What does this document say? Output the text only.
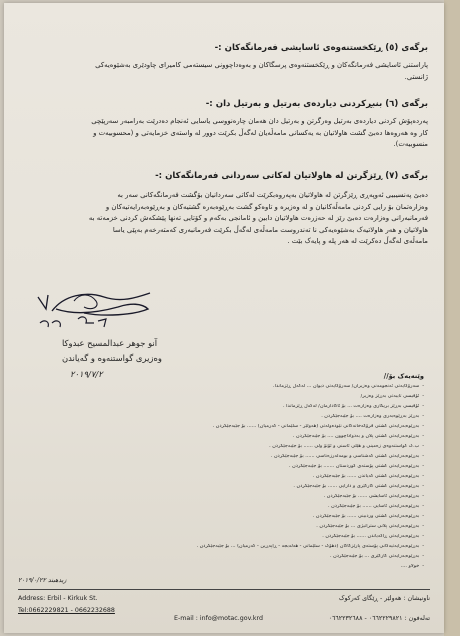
برگەی (٥) ڕێکخستنەوەی ئاسایشی فەرمانگەکان :-
پاراستنی ئاسایشی فەرمانگەکان و ڕێکخستنەوەی پرسگاکان و بەوەداچوونی سیستەمی کامیرای چاودێری بەشێوەیەکی
ژانستی.
برگەی (٦) بنبڕکردنی دیاردەی بەرتیل و بەرتیل دان :-
پەردەپۆش کردنی دیاردەی بەرتیل وەرگرتن و بەرتیل دان هەمان چارەنووسی یاسایی ئەنجام دەدرێت بەرامبەر سەرپێچی
کار وە هەروەها دەبێ گشت هاولاتیان بە یەکسانی مامەڵەیان لەگەڵ بکرێت دوور لە واستەی خزمایەتی و (محسوبیەت و
منسوبیەت).
برگەی (٧) ڕێزگرتن لە هاولاتیان لەکاتی سەردانی فەرمانگەکان :-
دەبێ پەنسیبیی ئەوپەڕی ڕێزگرتن لە هاولاتیان بەپەروەبکرێت لەکاتی سەردانیان بۆگشت فەرمانگەکانی سەر بە
وەزارەتمان بۆ رایی کردنی مامەڵەکانیان و لە وەزیرە و تاوەکو گشت بەڕێوەبەرە گشتیەکان و بەڕێوەبەرایەتیەکان و
فەرمانبەرانی وەزارەت دەبێ رێز لە حەزرەت هاولاتیان دابین و ئامانجی بەکەم و کۆتایی تەنها پێشکەش کردنی خزمەتە بە
هاولاتیان و هەر هاولاتیەک بەشێوەیەکی نا تەندروست مامەڵەی لەگەڵ بکرێت فەرمانبەری کەمتەرخەم بەپێی یاسا
مامەڵەی لەگەڵ دەکرێت لە هەر پلە و پایەک بێت .
آنو جوهر عبدالمسیح عبدوکا
وەزیری گواستنەوە و گەیاندن
٢٠١٩/٧/٢	وێنەیەک بۆ//
-سەرۆکایەتی ئەنجومەنی وەزیران/ سەرۆکایەتی دیوان ... لەگەڵ ڕێزماندا.
-ئۆفیسی تایبەتی بەڕێز وەزیر/
-ئۆفیسی بەڕێز بریکاری وەزارەت ... بۆ ئاگادارمان/ لەگەڵ ڕێزماندا .
-بەڕێز بەڕێوەبەری وەزارەت .... بۆ جێبەجێکردن .
-بەڕێوەبەرایەتی گشتی فرۆکەخانەکانی نێودەوڵەتی (هەولێر - سلێمانی - گەرمیان) ...... بۆ جێبەجێکردن .
-بەڕێوەبەرایەتی گشتی پلان و بەدواداچوون .... بۆ جێبەجێکردن .
-ب.گ گواستنەوەی زەمینی و هێلی ئاسنی و ئۆتۆ ولی ...... بۆ جێبەجێکردن .
-بەڕێوەبەرایەتی گشتی کەشناسی و بومەلەرزەناسی ...... بۆ جێبەجێکردن .
-بەڕێوەبەرایەتی گشتی پۆستەی کوردستان ....... بۆ جێبەجێکردن .
-بەڕێوەبەرایەتی گشتی گەیاندن ...... بۆ جێبەجێکردن .
-بەڕێوەبەرایەتی گشتی کارگێری و دارایی ...... بۆ جێبەجێکردن .
-بەڕێوەبەرایەتی ئاسایشی ...... بۆ جێبەجێکردن .
-بەڕێوەبەرایەتی ئاسایی ...... بۆ جێبەجێکردن .
-بەڕێوەبەرایەتی گشتی وردبینی ...... بۆ جێبەجێکردن .
-بەڕێوەبەرایەتی پلانی ستراتیژی ... بۆ جێبەجێکردن .
-بەڕێوەبەرایەتی ڕاگەیاندن ...... بۆ جێبەجێکردن .
-بەڕێوەبەرایەتیەکانی پۆستەی پارێزگاکان (دهۆک - سلێمانی - هەڵەبجە - ڕاپەڕین - گەرمیان) ... بۆ جێبەجێکردن .
-بەڕێوەبەرایەتی کارگێری ... بۆ جێبەجێکردن .
-خولاو ....
زیدهبند ٢٠١٩/٠/٢٢
Address: Erbil - Kirkuk St.
Tel:0662229821 - 0662232688
E-mail : info@motac.gov.krd
ناونیشان : هەولێر - ڕێگای کەرکوک
تەلەفون : ٠٦٦٢٢٢٩٨٢١ - ٠٦٦٢٢٣٢٦٨٨
